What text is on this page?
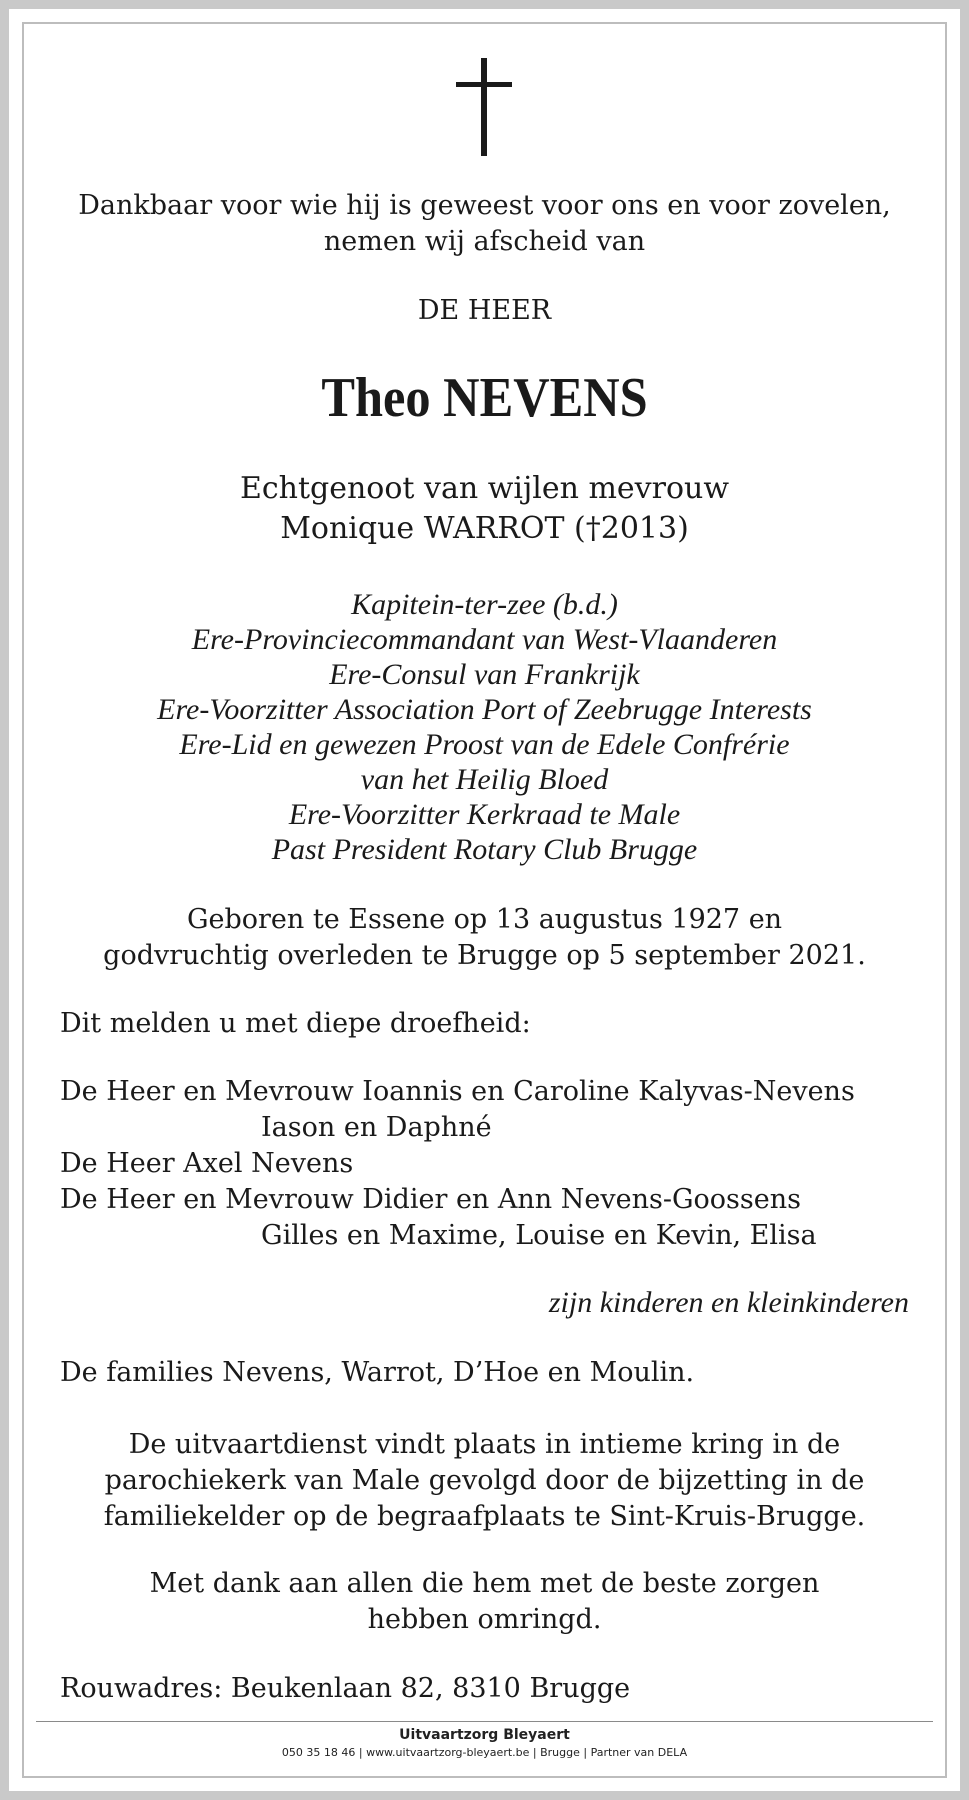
Dankbaar voor wie hij is geweest voor ons en voor zovelen,
nemen wij afscheid van
DE HEER
Theo NEVENS
Echtgenoot van wijlen mevrouw
Monique WARROT (†2013)
Kapitein-ter-zee (b.d.)
Ere-Provinciecommandant van West-Vlaanderen
Ere-Consul van Frankrijk
Ere-Voorzitter Association Port of Zeebrugge Interests
Ere-Lid en gewezen Proost van de Edele Confrérie
van het Heilig Bloed
Ere-Voorzitter Kerkraad te Male
Past President Rotary Club Brugge
Geboren te Essene op 13 augustus 1927 en
godvruchtig overleden te Brugge op 5 september 2021.
Dit melden u met diepe droefheid:
De Heer en Mevrouw Ioannis en Caroline Kalyvas-Nevens
Iason en Daphné
De Heer Axel Nevens
De Heer en Mevrouw Didier en Ann Nevens-Goossens
Gilles en Maxime, Louise en Kevin, Elisa
zijn kinderen en kleinkinderen
De families Nevens, Warrot, D’Hoe en Moulin.
De uitvaartdienst vindt plaats in intieme kring in de
parochiekerk van Male gevolgd door de bijzetting in de
familiekelder op de begraafplaats te Sint-Kruis-Brugge.
Met dank aan allen die hem met de beste zorgen
hebben omringd.
Rouwadres: Beukenlaan 82, 8310 Brugge
Uitvaartzorg Bleyaert
050 35 18 46 | www.uitvaartzorg-bleyaert.be | Brugge | Partner van DELA
